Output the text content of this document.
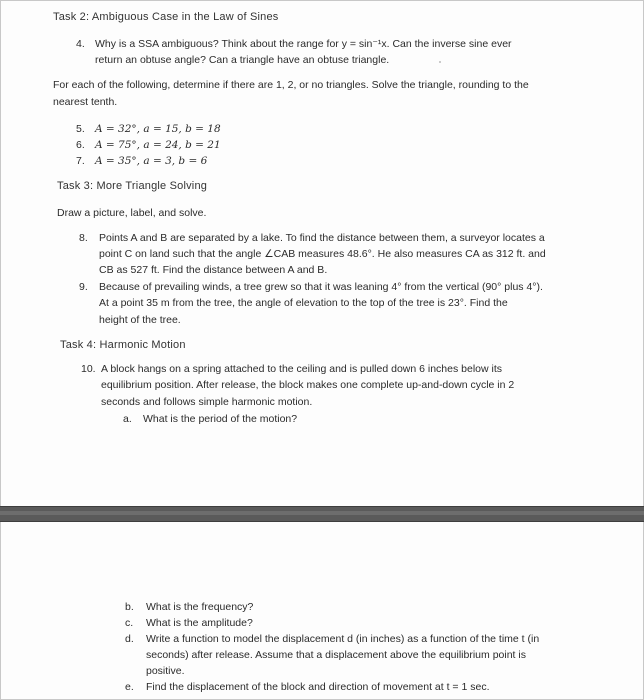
Task 2: Ambiguous Case in the Law of Sines
4. Why is a SSA ambiguous? Think about the range for y = sin⁻¹x. Can the inverse sine ever
return an obtuse angle? Can a triangle have an obtuse triangle.
For each of the following, determine if there are 1, 2, or no triangles. Solve the triangle, rounding to the
nearest tenth.
5. A = 32°, a = 15, b = 18
6. A = 75°, a = 24, b = 21
7. A = 35°, a = 3, b = 6
Task 3: More Triangle Solving
Draw a picture, label, and solve.
8. Points A and B are separated by a lake. To find the distance between them, a surveyor locates a
point C on land such that the angle ∠CAB measures 48.6°. He also measures CA as 312 ft. and
CB as 527 ft. Find the distance between A and B.
9. Because of prevailing winds, a tree grew so that it was leaning 4° from the vertical (90° plus 4°).
At a point 35 m from the tree, the angle of elevation to the top of the tree is 23°. Find the
height of the tree.
Task 4: Harmonic Motion
10. A block hangs on a spring attached to the ceiling and is pulled down 6 inches below its
equilibrium position. After release, the block makes one complete up-and-down cycle in 2
seconds and follows simple harmonic motion.
a. What is the period of the motion?
b. What is the frequency?
c. What is the amplitude?
d. Write a function to model the displacement d (in inches) as a function of the time t (in
seconds) after release. Assume that a displacement above the equilibrium point is
positive.
e. Find the displacement of the block and direction of movement at t = 1 sec.
